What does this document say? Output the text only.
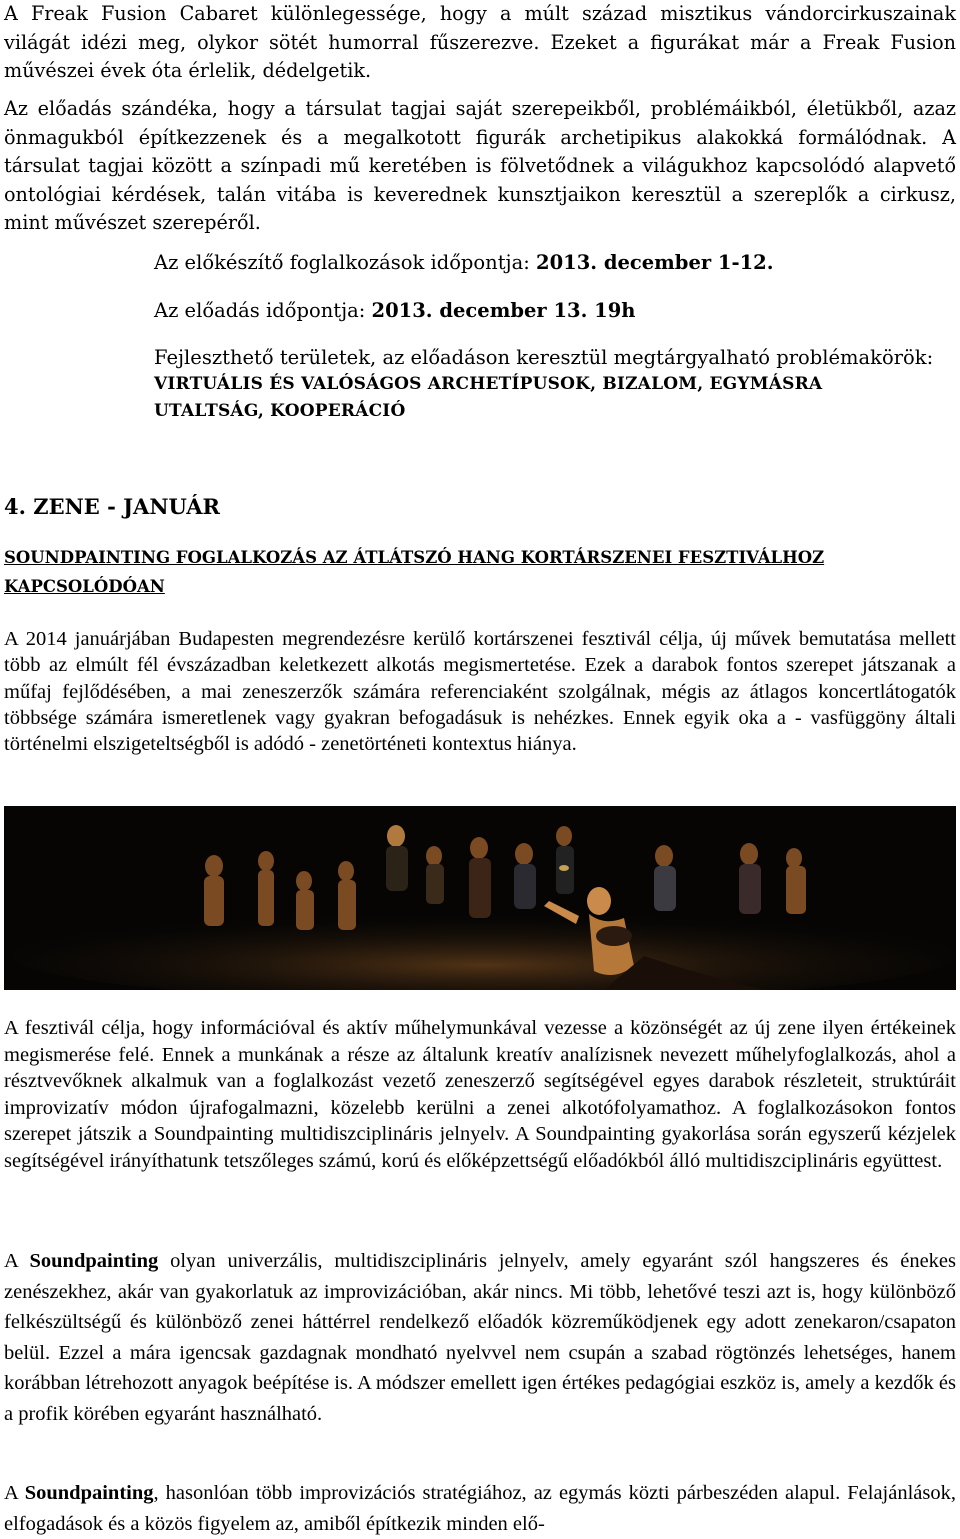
A Freak Fusion Cabaret különlegessége, hogy a múlt század misztikus vándorcirkuszainak világát idézi meg, olykor sötét humorral fűszerezve. Ezeket a figurákat már a Freak Fusion művészei évek óta érlelik, dédelgetik.

Az előadás szándéka, hogy a társulat tagjai saját szerepeikből, problémáikból, életükből, azaz önmagukból építkezzenek és a megalkotott figurák archetipikus alakokká formálódnak. A társulat tagjai között a színpadi mű keretében is fölvetődnek a világukhoz kapcsolódó alapvető ontológiai kérdések, talán vitába is keverednek kunsztjaikon keresztül a szereplők a cirkusz, mint művészet szerepéről.

Az előkészítő foglalkozások időpontja: 2013. december 1-12.
Az előadás időpontja: 2013. december 13. 19h
Fejleszthető területek, az előadáson keresztül megtárgyalható problémakörök:
VIRTUÁLIS ÉS VALÓSÁGOS ARCHETÍPUSOK, BIZALOM, EGYMÁSRA UTALTSÁG, KOOPERÁCIÓ
4. ZENE - JANUÁR
SOUNDPAINTING FOGLALKOZÁS AZ ÁTLÁTSZÓ HANG KORTÁRSZENEI FESZTIVÁLHOZ KAPCSOLÓDÓAN

A 2014 januárjában Budapesten megrendezésre kerülő kortárszenei fesztivál célja, új művek bemutatása mellett több az elmúlt fél évszázadban keletkezett alkotás megismertetése. Ezek a darabok fontos szerepet játszanak a műfaj fejlődésében, a mai zeneszerzők számára referenciaként szolgálnak, mégis az átlagos koncertlátogatók többsége számára ismeretlenek vagy gyakran befogadásuk is nehézkes. Ennek egyik oka a - vasfüggöny általi történelmi elszigeteltségből is adódó - zenetörténeti kontextus hiánya.

A fesztivál célja, hogy információval és aktív műhelymunkával vezesse a közönségét az új zene ilyen értékeinek megismerése felé. Ennek a munkának a része az általunk kreatív analízisnek nevezett műhelyfoglalkozás, ahol a résztvevőknek alkalmuk van a foglalkozást vezető zeneszerző segítségével egyes darabok részleteit, struktúráit improvizatív módon újrafogalmazni, közelebb kerülni a zenei alkotófolyamathoz. A foglalkozásokon fontos szerepet játszik a Soundpainting multidiszciplináris jelnyelv. A Soundpainting gyakorlása során egyszerű kézjelek segítségével irányíthatunk tetszőleges számú, korú és előképzettségű előadókból álló multidiszciplináris együttest.

A Soundpainting olyan univerzális, multidiszciplináris jelnyelv, amely egyaránt szól hangszeres és énekes zenészekhez, akár van gyakorlatuk az improvizációban, akár nincs. Mi több, lehetővé teszi azt is, hogy különböző felkészültségű és különböző zenei háttérrel rendelkező előadók közreműködjenek egy adott zenekaron/csapaton belül. Ezzel a mára igencsak gazdagnak mondható nyelvvel nem csupán a szabad rögtönzés lehetséges, hanem korábban létrehozott anyagok beépítése is. A módszer emellett igen értékes pedagógiai eszköz is, amely a kezdők és a profik körében egyaránt használható.

A Soundpainting, hasonlóan több improvizációs stratégiához, az egymás közti párbeszéden alapul. Felajánlások, elfogadások és a közös figyelem az, amiből építkezik minden elő-
